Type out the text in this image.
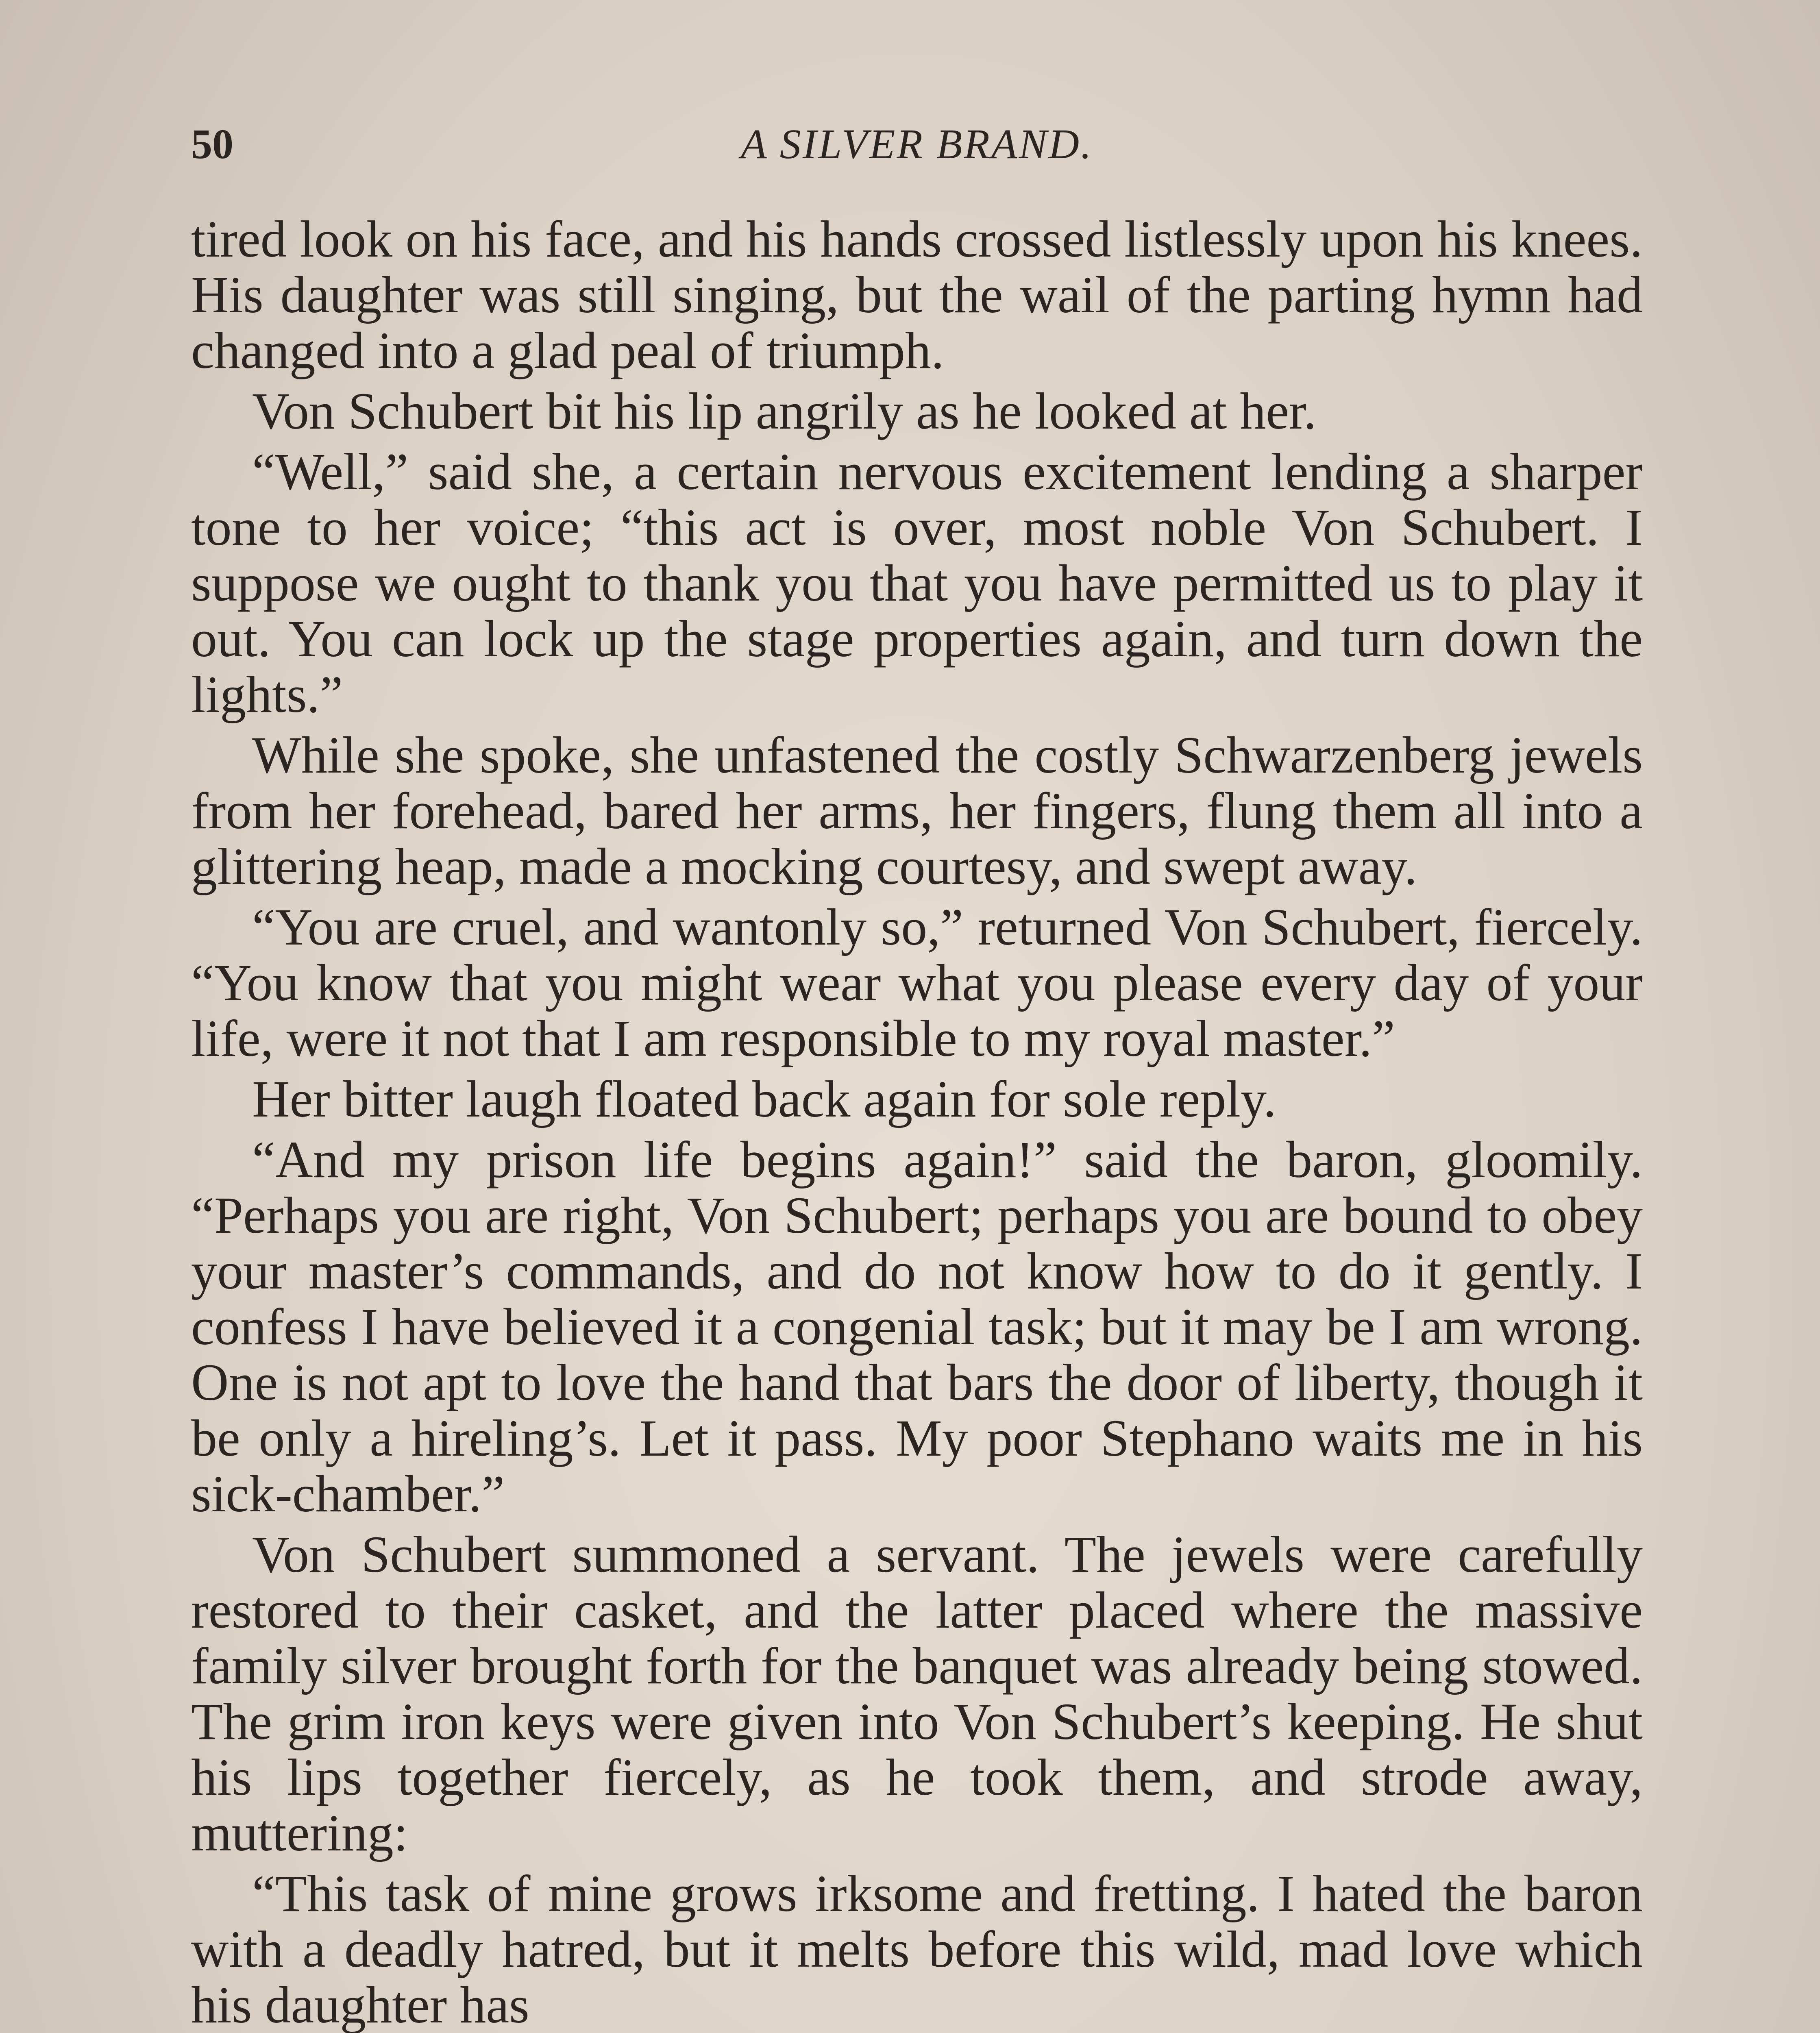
50	A SILVER BRAND.

tired look on his face, and his hands crossed listlessly upon his knees. His daughter was still singing, but the wail of the parting hymn had changed into a glad peal of triumph.

Von Schubert bit his lip angrily as he looked at her.

“Well,” said she, a certain nervous excitement lending a sharper tone to her voice; “this act is over, most noble Von Schubert. I suppose we ought to thank you that you have permitted us to play it out. You can lock up the stage properties again, and turn down the lights.”

While she spoke, she unfastened the costly Schwarzenberg jewels from her forehead, bared her arms, her fingers, flung them all into a glittering heap, made a mocking courtesy, and swept away.

“You are cruel, and wantonly so,” returned Von Schubert, fiercely. “You know that you might wear what you please every day of your life, were it not that I am responsible to my royal master.”

Her bitter laugh floated back again for sole reply.

“And my prison life begins again!” said the baron, gloomily. “Perhaps you are right, Von Schubert; perhaps you are bound to obey your master’s commands, and do not know how to do it gently. I confess I have believed it a congenial task; but it may be I am wrong. One is not apt to love the hand that bars the door of liberty, though it be only a hireling’s. Let it pass. My poor Stephano waits me in his sick-chamber.”

Von Schubert summoned a servant. The jewels were carefully restored to their casket, and the latter placed where the massive family silver brought forth for the banquet was already being stowed. The grim iron keys were given into Von Schubert’s keeping. He shut his lips together fiercely, as he took them, and strode away, muttering:

“This task of mine grows irksome and fretting. I hated the baron with a deadly hatred, but it melts before this wild, mad love which his daughter has
